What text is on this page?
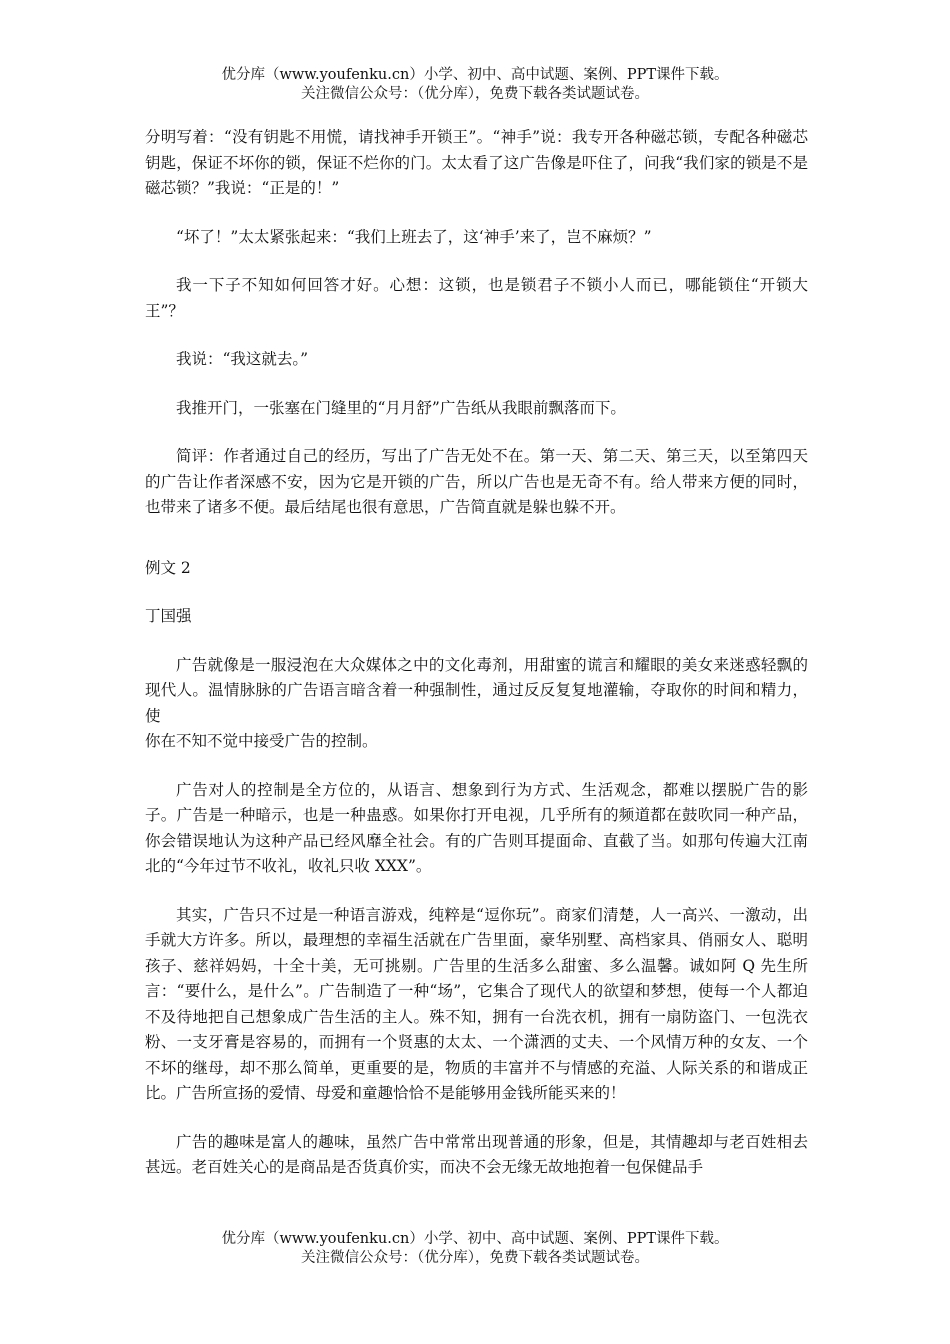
优分库（www.youfenku.cn）小学、初中、高中试题、案例、PPT课件下载。
关注微信公众号：（优分库），免费下载各类试题试卷。

分明写着：“没有钥匙不用慌，请找神手开锁王”。“神手”说：我专开各种磁芯锁，专配各种磁芯钥匙，保证不坏你的锁，保证不烂你的门。太太看了这广告像是吓住了，问我“我们家的锁是不是磁芯锁？”我说：“正是的！”

“坏了！”太太紧张起来：“我们上班去了，这‘神手’来了，岂不麻烦？”

我一下子不知如何回答才好。心想：这锁，也是锁君子不锁小人而已，哪能锁住“开锁大王”？

我说：“我这就去。”

我推开门，一张塞在门缝里的“月月舒”广告纸从我眼前飘落而下。

简评：作者通过自己的经历，写出了广告无处不在。第一天、第二天、第三天，以至第四天的广告让作者深感不安，因为它是开锁的广告，所以广告也是无奇不有。给人带来方便的同时，也带来了诸多不便。最后结尾也很有意思，广告简直就是躲也躲不开。

例文 2

丁国强

广告就像是一服浸泡在大众媒体之中的文化毒剂，用甜蜜的谎言和耀眼的美女来迷惑轻飘的现代人。温情脉脉的广告语言暗含着一种强制性，通过反反复复地灌输，夺取你的时间和精力，使

你在不知不觉中接受广告的控制。

广告对人的控制是全方位的，从语言、想象到行为方式、生活观念，都难以摆脱广告的影子。广告是一种暗示，也是一种蛊惑。如果你打开电视，几乎所有的频道都在鼓吹同一种产品，你会错误地认为这种产品已经风靡全社会。有的广告则耳提面命、直截了当。如那句传遍大江南北的“今年过节不收礼，收礼只收 XXX”。

其实，广告只不过是一种语言游戏，纯粹是“逗你玩”。商家们清楚，人一高兴、一激动，出手就大方许多。所以，最理想的幸福生活就在广告里面，豪华别墅、高档家具、俏丽女人、聪明孩子、慈祥妈妈，十全十美，无可挑剔。广告里的生活多么甜蜜、多么温馨。诚如阿 Q 先生所言：“要什么，是什么”。广告制造了一种“场”，它集合了现代人的欲望和梦想，使每一个人都迫不及待地把自己想象成广告生活的主人。殊不知，拥有一台洗衣机，拥有一扇防盗门、一包洗衣粉、一支牙膏是容易的，而拥有一个贤惠的太太、一个潇洒的丈夫、一个风情万种的女友、一个不坏的继母，却不那么简单，更重要的是，物质的丰富并不与情感的充溢、人际关系的和谐成正比。广告所宣扬的爱情、母爱和童趣恰恰不是能够用金钱所能买来的！

广告的趣味是富人的趣味，虽然广告中常常出现普通的形象，但是，其情趣却与老百姓相去甚远。老百姓关心的是商品是否货真价实，而决不会无缘无故地抱着一包保健品手

优分库（www.youfenku.cn）小学、初中、高中试题、案例、PPT课件下载。
关注微信公众号：（优分库），免费下载各类试题试卷。
